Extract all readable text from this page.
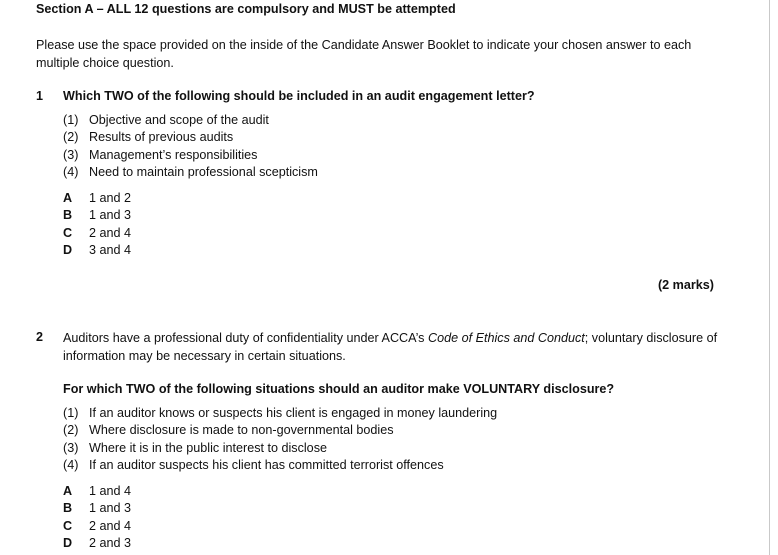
Section A – ALL 12 questions are compulsory and MUST be attempted
Please use the space provided on the inside of the Candidate Answer Booklet to indicate your chosen answer to each multiple choice question.
1 Which TWO of the following should be included in an audit engagement letter?
(1) Objective and scope of the audit
(2) Results of previous audits
(3) Management’s responsibilities
(4) Need to maintain professional scepticism
A	1 and 2
B	1 and 3
C	2 and 4
D	3 and 4
(2 marks)
2 Auditors have a professional duty of confidentiality under ACCA’s Code of Ethics and Conduct; voluntary disclosure of information may be necessary in certain situations.
For which TWO of the following situations should an auditor make VOLUNTARY disclosure?
(1) If an auditor knows or suspects his client is engaged in money laundering
(2) Where disclosure is made to non-governmental bodies
(3) Where it is in the public interest to disclose
(4) If an auditor suspects his client has committed terrorist offences
A	1 and 4
B	1 and 3
C	2 and 4
D	2 and 3
